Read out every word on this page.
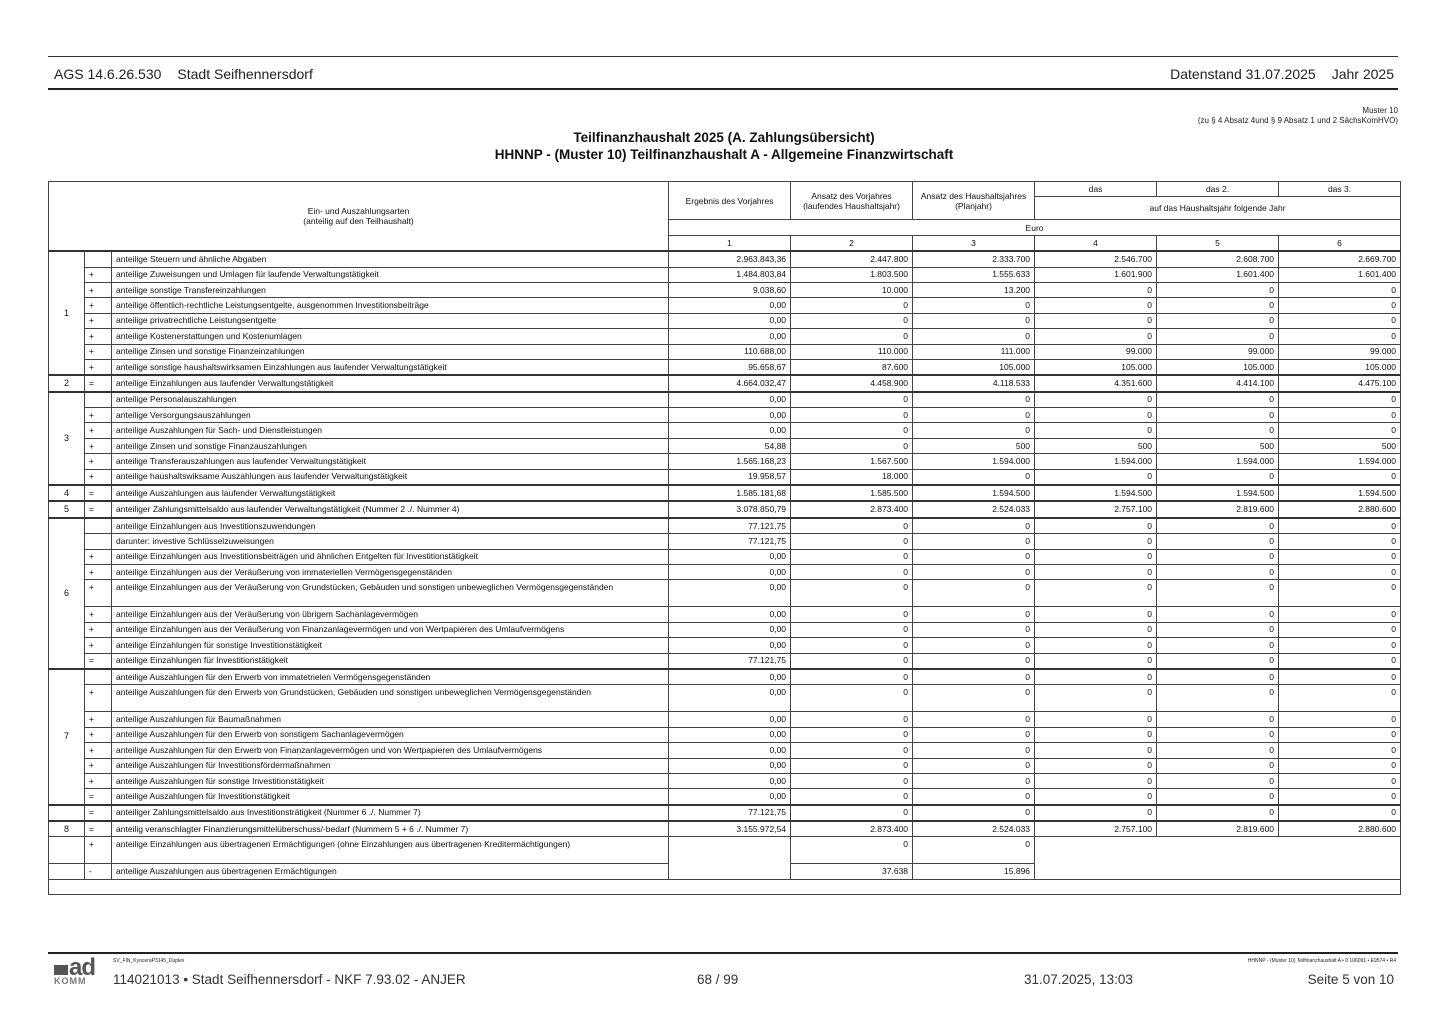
AGS 14.6.26.530 Stadt Seifhennersdorf	Datenstand 31.07.2025 Jahr 2025
Muster 10
(zu § 4 Absatz 4und § 9 Absatz 1 und 2 SächsKomHVO)
Teilfinanzhaushalt 2025 (A. Zahlungsübersicht)
HHNNP - (Muster 10) Teilfinanzhaushalt A - Allgemeine Finanzwirtschaft
Ein- und Auszahlungsarten
(anteilig auf den Teilhaushalt)			Ergebnis des Vorjahres	Ansatz des Vorjahres (laufendes Haushaltsjahr)	Ansatz des Haushaltsjahres (Planjahr)	das	das 2.	das 3.
						auf das Haushaltsjahr folgende Jahr		
			Euro					
			1	2	3	4	5	6
1		anteilige Steuern und ähnliche Abgaben	2.963.843,36	2.447.800	2.333.700	2.546.700	2.608.700	2.669.700
	+	anteilige Zuweisungen und Umlagen für laufende Verwaltungstätigkeit	1.484.803,84	1.803.500	1.555.633	1.601.900	1.601.400	1.601.400
	+	anteilige sonstige Transfereinzahlungen	9.038,60	10.000	13.200	0	0	0
	+	anteilige öffentlich-rechtliche Leistungsentgelte, ausgenommen Investitionsbeiträge	0,00	0	0	0	0	0
	+	anteilige privatrechtliche Leistungsentgelte	0,00	0	0	0	0	0
	+	anteilige Kostenerstattungen und Kostenumlagen	0,00	0	0	0	0	0
	+	anteilige Zinsen und sonstige Finanzeinzahlungen	110.688,00	110.000	111.000	99.000	99.000	99.000
	+	anteilige sonstige haushaltswirksamen Einzahlungen aus laufender Verwaltungstätigkeit	95.658,67	87.600	105.000	105.000	105.000	105.000
2	=	anteilige Einzahlungen aus laufender Verwaltungstätigkeit	4.664.032,47	4.458.900	4.118.533	4.351.600	4.414.100	4.475.100
3		anteilige Personalauszahlungen	0,00	0	0	0	0	0
	+	anteilige Versorgungsauszahlungen	0,00	0	0	0	0	0
	+	anteilige Auszahlungen für Sach- und Dienstleistungen	0,00	0	0	0	0	0
	+	anteilige Zinsen und sonstige Finanzauszahlungen	54,88	0	500	500	500	500
	+	anteilige Transferauszahlungen aus laufender Verwaltungstätigkeit	1.565.168,23	1.567.500	1.594.000	1.594.000	1.594.000	1.594.000
	+	anteilige haushaltswiksame Auszahlungen aus laufender Verwaltungstätigkeit	19.958,57	18.000	0	0	0	0
4	=	anteilige Auszahlungen aus laufender Verwaltungstätigkeit	1.585.181,68	1.585.500	1.594.500	1.594.500	1.594.500	1.594.500
5	=	anteiliger Zahlungsmittelsaldo aus laufender Verwaltungstätigkeit (Nummer 2 ./. Nummer 4)	3.078.850,79	2.873.400	2.524.033	2.757.100	2.819.600	2.880.600
6		anteilige Einzahlungen aus Investitionszuwendungen	77.121,75	0	0	0	0	0
		darunter: investive Schlüsselzuweisungen	77.121,75	0	0	0	0	0
	+	anteilige Einzahlungen aus Investitionsbeiträgen und ähnlichen Entgelten für Investitionstätigkeit	0,00	0	0	0	0	0
	+	anteilige Einzahlungen aus der Veräußerung von immateriellen Vermögensgegenständen	0,00	0	0	0	0	0
	+	anteilige Einzahlungen aus der Veräußerung von Grundstücken, Gebäuden und sonstigen unbeweglichen Vermögensgegenständen	0,00	0	0	0	0	0
	+	anteilige Einzahlungen aus der Veräußerung von übrigem Sachanlagevermögen	0,00	0	0	0	0	0
	+	anteilige Einzahlungen aus der Veräußerung von Finanzanlagevermögen und von Wertpapieren des Umlaufvermögens	0,00	0	0	0	0	0
	+	anteilige Einzahlungen für sonstige Investitionstätigkeit	0,00	0	0	0	0	0
	=	anteilige Einzahlungen für Investitionstätigkeit	77.121,75	0	0	0	0	0
7		anteilige Auszahlungen für den Erwerb von immatetrielen Vermögensgegenständen	0,00	0	0	0	0	0
	+	anteilige Auszahlungen für den Erwerb von Grundstücken, Gebäuden und sonstigen unbeweglichen Vermögensgegenständen	0,00	0	0	0	0	0
	+	anteilige Auszahlungen für Baumaßnahmen	0,00	0	0	0	0	0
	+	anteilige Auszahlungen für den Erwerb von sonstigem Sachanlagevermögen	0,00	0	0	0	0	0
	+	anteilige Auszahlungen für den Erwerb von Finanzanlagevermögen und von Wertpapieren des Umlaufvermögens	0,00	0	0	0	0	0
	+	anteilige Auszahlungen für Investitionsfördermaßnahmen	0,00	0	0	0	0	0
	+	anteilige Auszahlungen für sonstige Investitionstätigkeit	0,00	0	0	0	0	0
	=	anteilige Auszahlungen für Investitionstätigkeit	0,00	0	0	0	0	0
	=	anteiliger Zahlungsmittelsaldo aus Investitionsträtigkeit (Nummer 6 ./. Nummer 7)	77.121,75	0	0	0	0	0
8	=	anteilig veranschlagter Finanzierungsmittelüberschuss/-bedarf (Nummern 5 + 6 ./. Nummer 7)	3.155.972,54	2.873.400	2.524.033	2.757.100	2.819.600	2.880.600
	+	anteilige Einzahlungen aus übertragenen Ermächtigungen (ohne Einzahlungen aus übertragenen Kreditermächtigungen)		0	0			
	-	anteilige Auszahlungen aus übertragenen Ermächtigungen		37.638	15.896			

ad
KOMM
SV_FIN_KyoceraP3145_Duplex
114021013 • Stadt Seifhennersdorf - NKF 7.93.02 - ANJER	68 / 99	31.07.2025, 13:03
HHNNP - (Muster 10) Teilfinanzhaushalt A • 0 106091 • E9574 • R4
Seite 5 von 10
